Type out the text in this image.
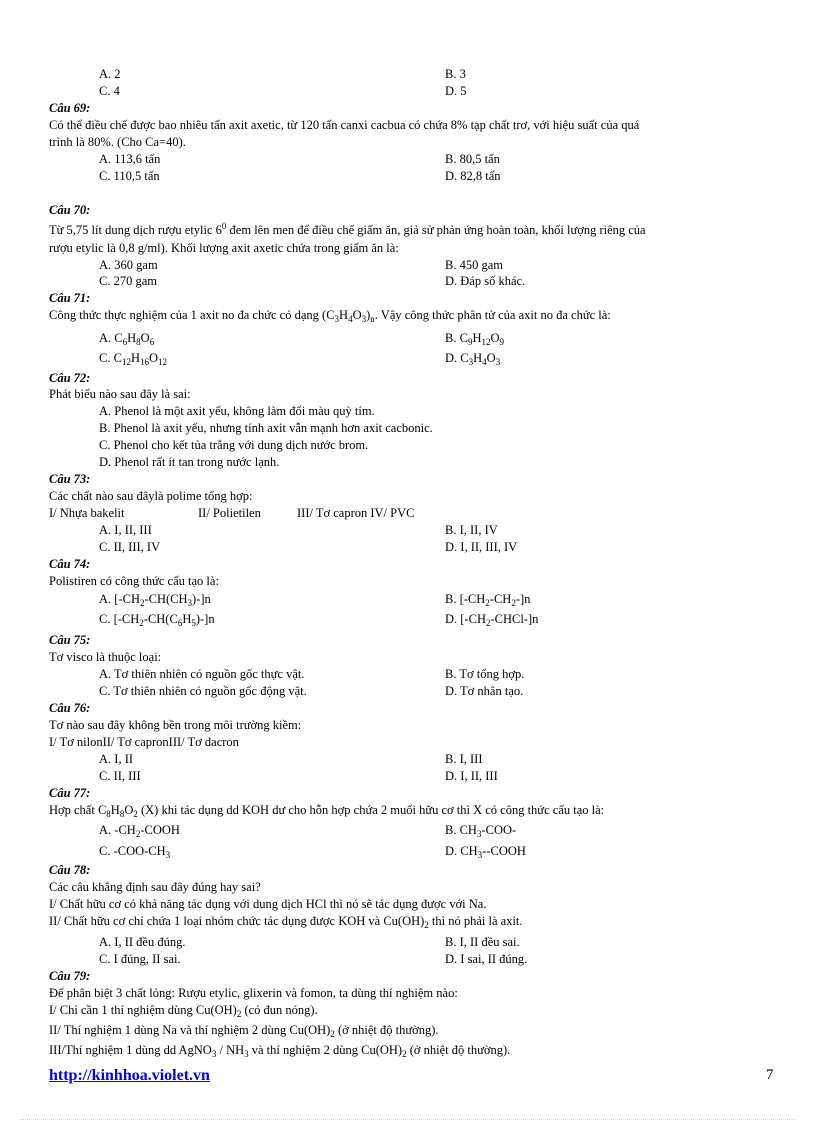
A. 2	B. 3
C. 4	D. 5
Câu 69:
Có thể điều chế được bao nhiêu tấn axit axetic, từ 120 tấn canxi cacbua có chứa 8% tạp chất trơ, với hiệu suất của quá
trình là 80%. (Cho Ca=40).
A. 113,6 tấn	B. 80,5 tấn
C. 110,5 tấn	D. 82,8 tấn
Câu 70:
Từ 5,75 lít dung dịch rượu etylic $6^0$ đem lên men để điều chế giấm ăn, giả sử phản ứng hoàn toàn, khối lượng riêng của
rượu etylic là 0,8 g/ml). Khối lượng axit axetic chứa trong giấm ăn là:
A. 360 gam	B. 450 gam
C. 270 gam	D. Đáp số khác.
Câu 71:
Công thức thực nghiệm của 1 axit no đa chức có dạng $(C_3H_4O_3)_n$. Vậy công thức phân tử của axit no đa chức là:
A. $C_6H_8O_6$	B. $C_9H_{12}O_9$
C. $C_{12}H_{16}O_{12}$	D. $C_3H_4O_3$
Câu 72:
Phát biểu nào sau đây là sai:
A. Phenol là một axit yếu, không làm đổi màu quỳ tím.
B. Phenol là axit yếu, nhưng tính axit vẫn mạnh hơn axit cacbonic.
C. Phenol cho kết tủa trắng với dung dịch nước brom.
D. Phenol rất ít tan trong nước lạnh.
Câu 73:
Các chất nào sau đâylà polime tổng hợp:
I/ Nhựa bakelit	II/ Polietilen	III/ Tơ capron IV/ PVC
A. I, II, III	B. I, II, IV
C. II, III, IV	D. I, II, III, IV
Câu 74:
Polistiren có công thức cấu tạo là:
A. $[-CH_2-CH(CH_3)-]n$	B. $[-CH_2-CH_2-]n$
C. $[-CH_2-CH(C_6H_5)-]n$	D. $[-CH_2-CHCl-]n$
Câu 75:
Tơ visco là thuộc loại:
A. Tơ thiên nhiên có nguồn gốc thực vật.	B. Tơ tổng hợp.
C. Tơ thiên nhiên có nguồn gốc động vật.	D. Tơ nhân tạo.
Câu 76:
Tơ nào sau đây không bền trong môi trường kiềm:
I/ Tơ nilonII/ Tơ capronIII/ Tơ dacron
A. I, II	B. I, III
C. II, III	D. I, II, III
Câu 77:
Hợp chất $C_8H_8O_2$ (X) khi tác dụng dd KOH dư cho hỗn hợp chứa 2 muối hữu cơ thì X có công thức cấu tạo là:
A. $-CH_2$-COOH	B. $CH_3-COO-$
C. $-COO-CH_3$	D. $CH_3-$-COOH
Câu 78:
Các câu khẳng định sau đây đúng hay sai?
I/ Chất hữu cơ có khả năng tác dụng với dung dịch HCl thì nó sẽ tác dụng được với Na.
II/ Chất hữu cơ chỉ chứa 1 loại nhóm chức tác dụng được KOH và $Cu(OH)_2$ thì nó phải là axit.
A. I, II đều đúng.	B. I, II đều sai.
C. I đúng, II sai.	D. I sai, II đúng.
Câu 79:
Để phân biệt 3 chất lỏng: Rượu etylic, glixerin và fomon, ta dùng thí nghiệm nào:
I/ Chỉ cần 1 thí nghiệm dùng $Cu(OH)_2$ (có đun nóng).
II/ Thí nghiệm 1 dùng Na và thí nghiệm 2 dùng $Cu(OH)_2$ (ở nhiệt độ thường).
III/Thí nghiệm 1 dùng dd AgNO$_3$ / $NH_3$ và thí nghiệm 2 dùng $Cu(OH)_2$ (ở nhiệt độ thường).
http://kinhhoa.violet.vn	7
